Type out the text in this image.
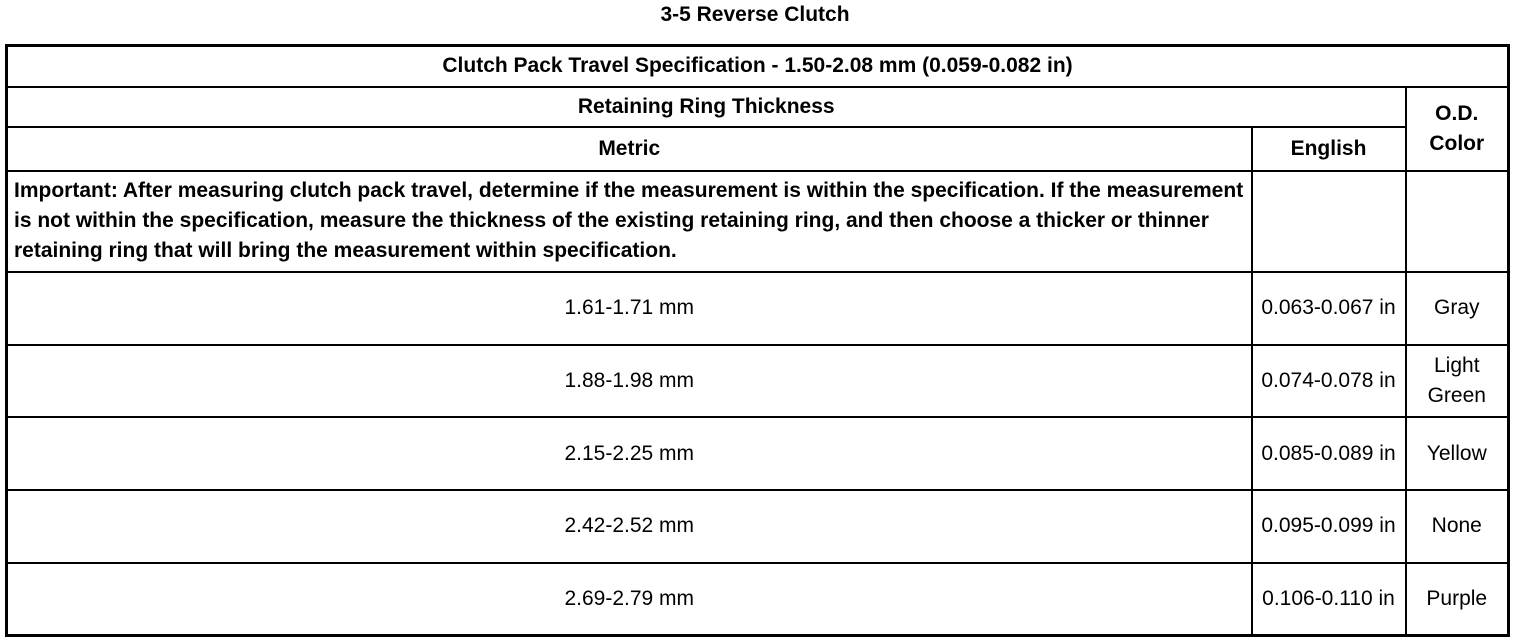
3-5 Reverse Clutch
Clutch Pack Travel Specification - 1.50-2.08 mm (0.059-0.082 in)		
Retaining Ring Thickness		O.D. Color
Metric	English	
Important: After measuring clutch pack travel, determine if the measurement is within the specification. If the measurement is not within the specification, measure the thickness of the existing retaining ring, and then choose a thicker or thinner retaining ring that will bring the measurement within specification.		
1.61-1.71 mm	0.063-0.067 in	Gray
1.88-1.98 mm	0.074-0.078 in	Light Green
2.15-2.25 mm	0.085-0.089 in	Yellow
2.42-2.52 mm	0.095-0.099 in	None
2.69-2.79 mm	0.106-0.110 in	Purple
